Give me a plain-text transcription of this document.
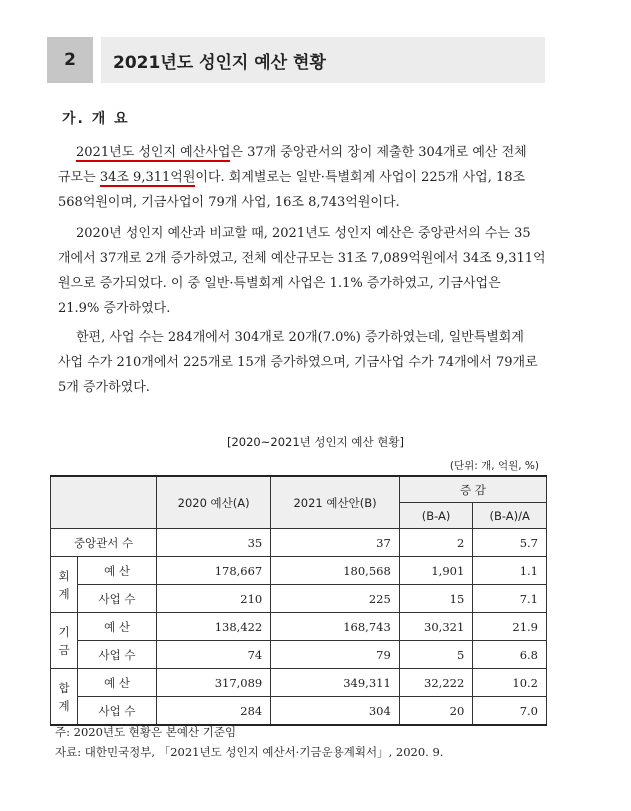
2	2021년도 성인지 예산 현황
가. 개 요

2021년도 성인지 예산사업은 37개 중앙관서의 장이 제출한 304개로 예산 전체
규모는 34조 9,311억원이다. 회계별로는 일반·특별회계 사업이 225개 사업, 18조
568억원이며, 기금사업이 79개 사업, 16조 8,743억원이다.

2020년 성인지 예산과 비교할 때, 2021년도 성인지 예산은 중앙관서의 수는 35
개에서 37개로 2개 증가하였고, 전체 예산규모는 31조 7,089억원에서 34조 9,311억
원으로 증가되었다. 이 중 일반·특별회계 사업은 1.1% 증가하였고, 기금사업은
21.9% 증가하였다.

한편, 사업 수는 284개에서 304개로 20개(7.0%) 증가하였는데, 일반특별회계
사업 수가 210개에서 225개로 15개 증가하였으며, 기금사업 수가 74개에서 79개로
5개 증가하였다.

[2020~2021년 성인지 예산 현황]
(단위: 개, 억원, %)
		2020 예산(A)	2021 예산안(B)	증 감	
				(B-A)	(B-A)/A
중앙관서 수		35	37	2	5.7
회
계	예 산	178,667	180,568	1,901	1.1
	사업 수	210	225	15	7.1
기
금	예 산	138,422	168,743	30,321	21.9
	사업 수	74	79	5	6.8
합
계	예 산	317,089	349,311	32,222	10.2
	사업 수	284	304	20	7.0
주: 2020년도 현황은 본예산 기준임
자료: 대한민국정부, 「2021년도 성인지 예산서·기금운용계획서」, 2020. 9.
